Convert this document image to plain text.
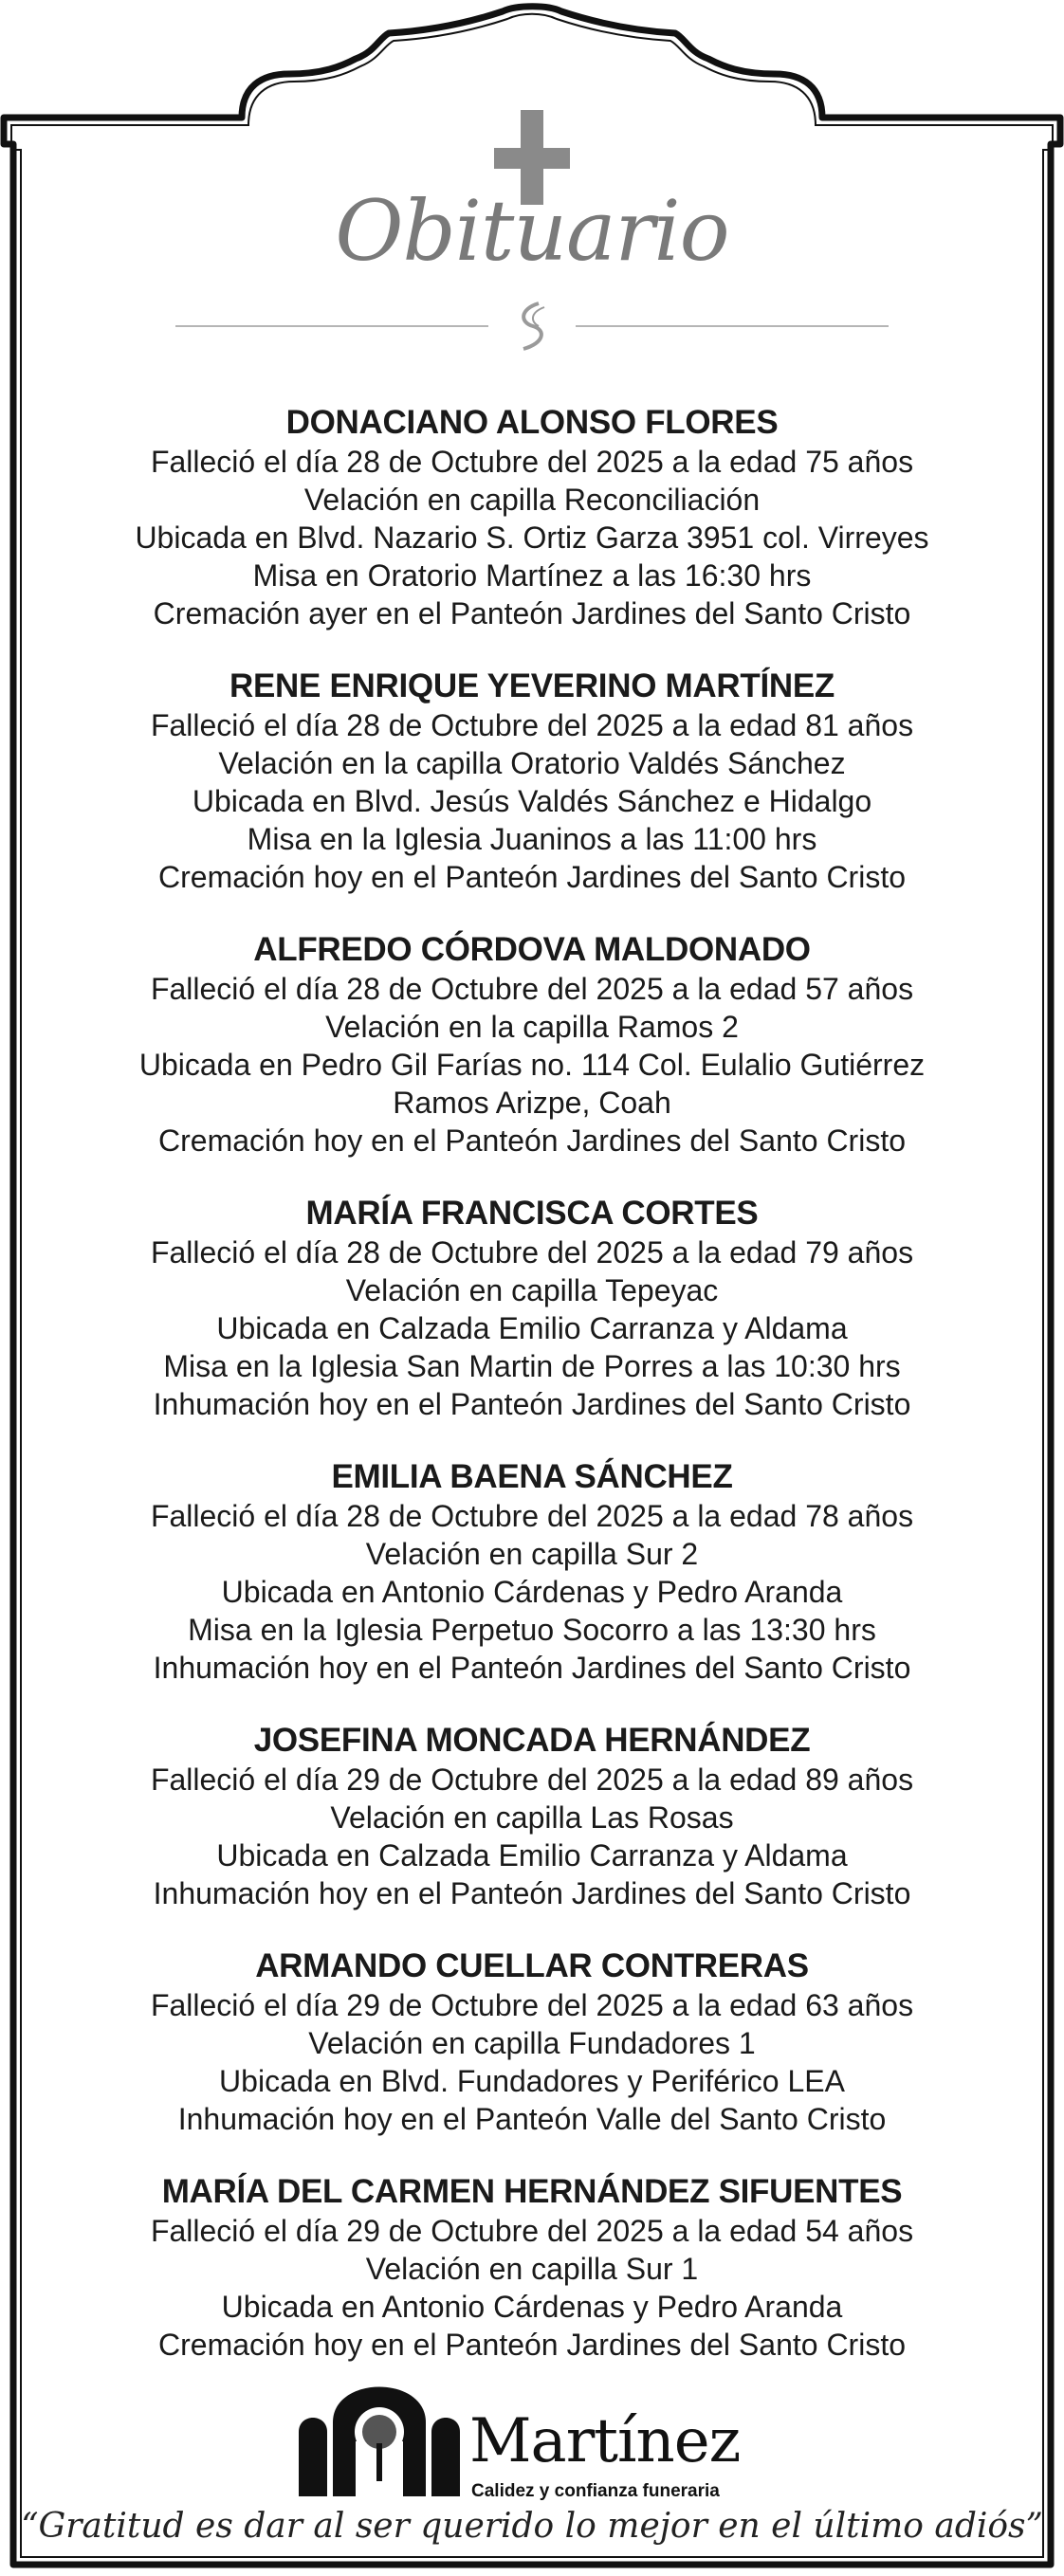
Obituario
DONACIANO ALONSO FLORES
Falleció el día 28 de Octubre del 2025 a la edad 75 años
Velación en capilla Reconciliación
Ubicada en Blvd. Nazario S. Ortiz Garza 3951 col. Virreyes
Misa en Oratorio Martínez a las 16:30 hrs
Cremación ayer en el Panteón Jardines del Santo Cristo
RENE ENRIQUE YEVERINO MARTÍNEZ
Falleció el día 28 de Octubre del 2025 a la edad 81 años
Velación en la capilla Oratorio Valdés Sánchez
Ubicada en Blvd. Jesús Valdés Sánchez e Hidalgo
Misa en la Iglesia Juaninos a las 11:00 hrs
Cremación hoy en el Panteón Jardines del Santo Cristo
ALFREDO CÓRDOVA MALDONADO
Falleció el día 28 de Octubre del 2025 a la edad 57 años
Velación en la capilla Ramos 2
Ubicada en Pedro Gil Farías no. 114 Col. Eulalio Gutiérrez
Ramos Arizpe, Coah
Cremación hoy en el Panteón Jardines del Santo Cristo
MARÍA FRANCISCA CORTES
Falleció el día 28 de Octubre del 2025 a la edad 79 años
Velación en capilla Tepeyac
Ubicada en Calzada Emilio Carranza y Aldama
Misa en la Iglesia San Martin de Porres a las 10:30 hrs
Inhumación hoy en el Panteón Jardines del Santo Cristo
EMILIA BAENA SÁNCHEZ
Falleció el día 28 de Octubre del 2025 a la edad 78 años
Velación en capilla Sur 2
Ubicada en Antonio Cárdenas y Pedro Aranda
Misa en la Iglesia Perpetuo Socorro a las 13:30 hrs
Inhumación hoy en el Panteón Jardines del Santo Cristo
JOSEFINA MONCADA HERNÁNDEZ
Falleció el día 29 de Octubre del 2025 a la edad 89 años
Velación en capilla Las Rosas
Ubicada en Calzada Emilio Carranza y Aldama
Inhumación hoy en el Panteón Jardines del Santo Cristo
ARMANDO CUELLAR CONTRERAS
Falleció el día 29 de Octubre del 2025 a la edad 63 años
Velación en capilla Fundadores 1
Ubicada en Blvd. Fundadores y Periférico LEA
Inhumación hoy en el Panteón Valle del Santo Cristo
MARÍA DEL CARMEN HERNÁNDEZ SIFUENTES
Falleció el día 29 de Octubre del 2025 a la edad 54 años
Velación en capilla Sur 1
Ubicada en Antonio Cárdenas y Pedro Aranda
Cremación hoy en el Panteón Jardines del Santo Cristo
Martínez
Calidez y confianza funeraria
“Gratitud es dar al ser querido lo mejor en el último adiós”
